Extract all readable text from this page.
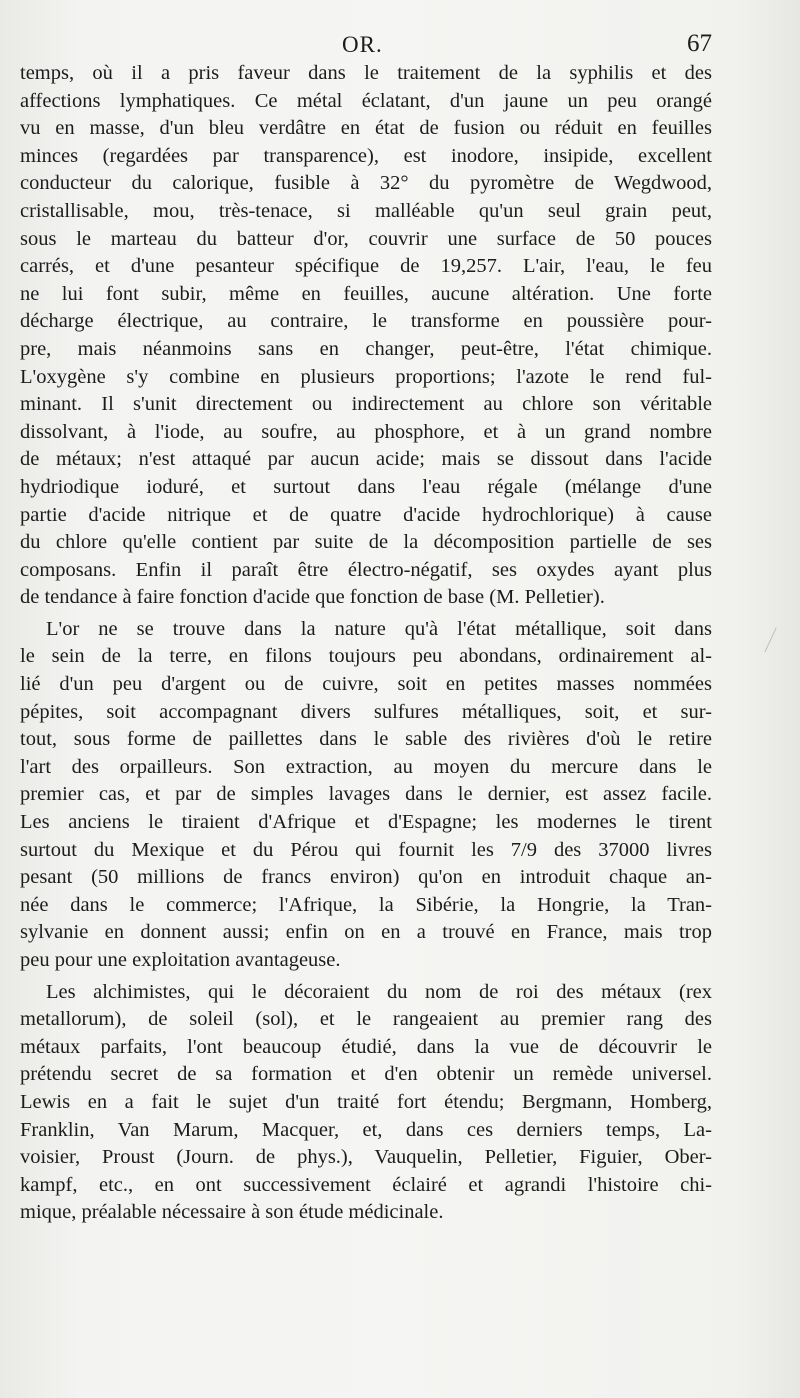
OR.	67
temps, où il a pris faveur dans le traitement de la syphilis et des
affections lymphatiques. Ce métal éclatant, d'un jaune un peu orangé
vu en masse, d'un bleu verdâtre en état de fusion ou réduit en feuilles
minces (regardées par transparence), est inodore, insipide, excellent
conducteur du calorique, fusible à 32° du pyromètre de Wegdwood,
cristallisable, mou, très-tenace, si malléable qu'un seul grain peut,
sous le marteau du batteur d'or, couvrir une surface de 50 pouces
carrés, et d'une pesanteur spécifique de 19,257. L'air, l'eau, le feu
ne lui font subir, même en feuilles, aucune altération. Une forte
décharge électrique, au contraire, le transforme en poussière pour-
pre, mais néanmoins sans en changer, peut-être, l'état chimique.
L'oxygène s'y combine en plusieurs proportions; l'azote le rend ful-
minant. Il s'unit directement ou indirectement au chlore son véritable
dissolvant, à l'iode, au soufre, au phosphore, et à un grand nombre
de métaux; n'est attaqué par aucun acide; mais se dissout dans l'acide
hydriodique ioduré, et surtout dans l'eau régale (mélange d'une
partie d'acide nitrique et de quatre d'acide hydrochlorique) à cause
du chlore qu'elle contient par suite de la décomposition partielle de ses
composans. Enfin il paraît être électro-négatif, ses oxydes ayant plus
de tendance à faire fonction d'acide que fonction de base (M. Pelletier).
L'or ne se trouve dans la nature qu'à l'état métallique, soit dans
le sein de la terre, en filons toujours peu abondans, ordinairement al-
lié d'un peu d'argent ou de cuivre, soit en petites masses nommées
pépites, soit accompagnant divers sulfures métalliques, soit, et sur-
tout, sous forme de paillettes dans le sable des rivières d'où le retire
l'art des orpailleurs. Son extraction, au moyen du mercure dans le
premier cas, et par de simples lavages dans le dernier, est assez facile.
Les anciens le tiraient d'Afrique et d'Espagne; les modernes le tirent
surtout du Mexique et du Pérou qui fournit les 7/9 des 37000 livres
pesant (50 millions de francs environ) qu'on en introduit chaque an-
née dans le commerce; l'Afrique, la Sibérie, la Hongrie, la Tran-
sylvanie en donnent aussi; enfin on en a trouvé en France, mais trop
peu pour une exploitation avantageuse.
Les alchimistes, qui le décoraient du nom de roi des métaux (rex
metallorum), de soleil (sol), et le rangeaient au premier rang des
métaux parfaits, l'ont beaucoup étudié, dans la vue de découvrir le
prétendu secret de sa formation et d'en obtenir un remède universel.
Lewis en a fait le sujet d'un traité fort étendu; Bergmann, Homberg,
Franklin, Van Marum, Macquer, et, dans ces derniers temps, La-
voisier, Proust (Journ. de phys.), Vauquelin, Pelletier, Figuier, Ober-
kampf, etc., en ont successivement éclairé et agrandi l'histoire chi-
mique, préalable nécessaire à son étude médicinale.
